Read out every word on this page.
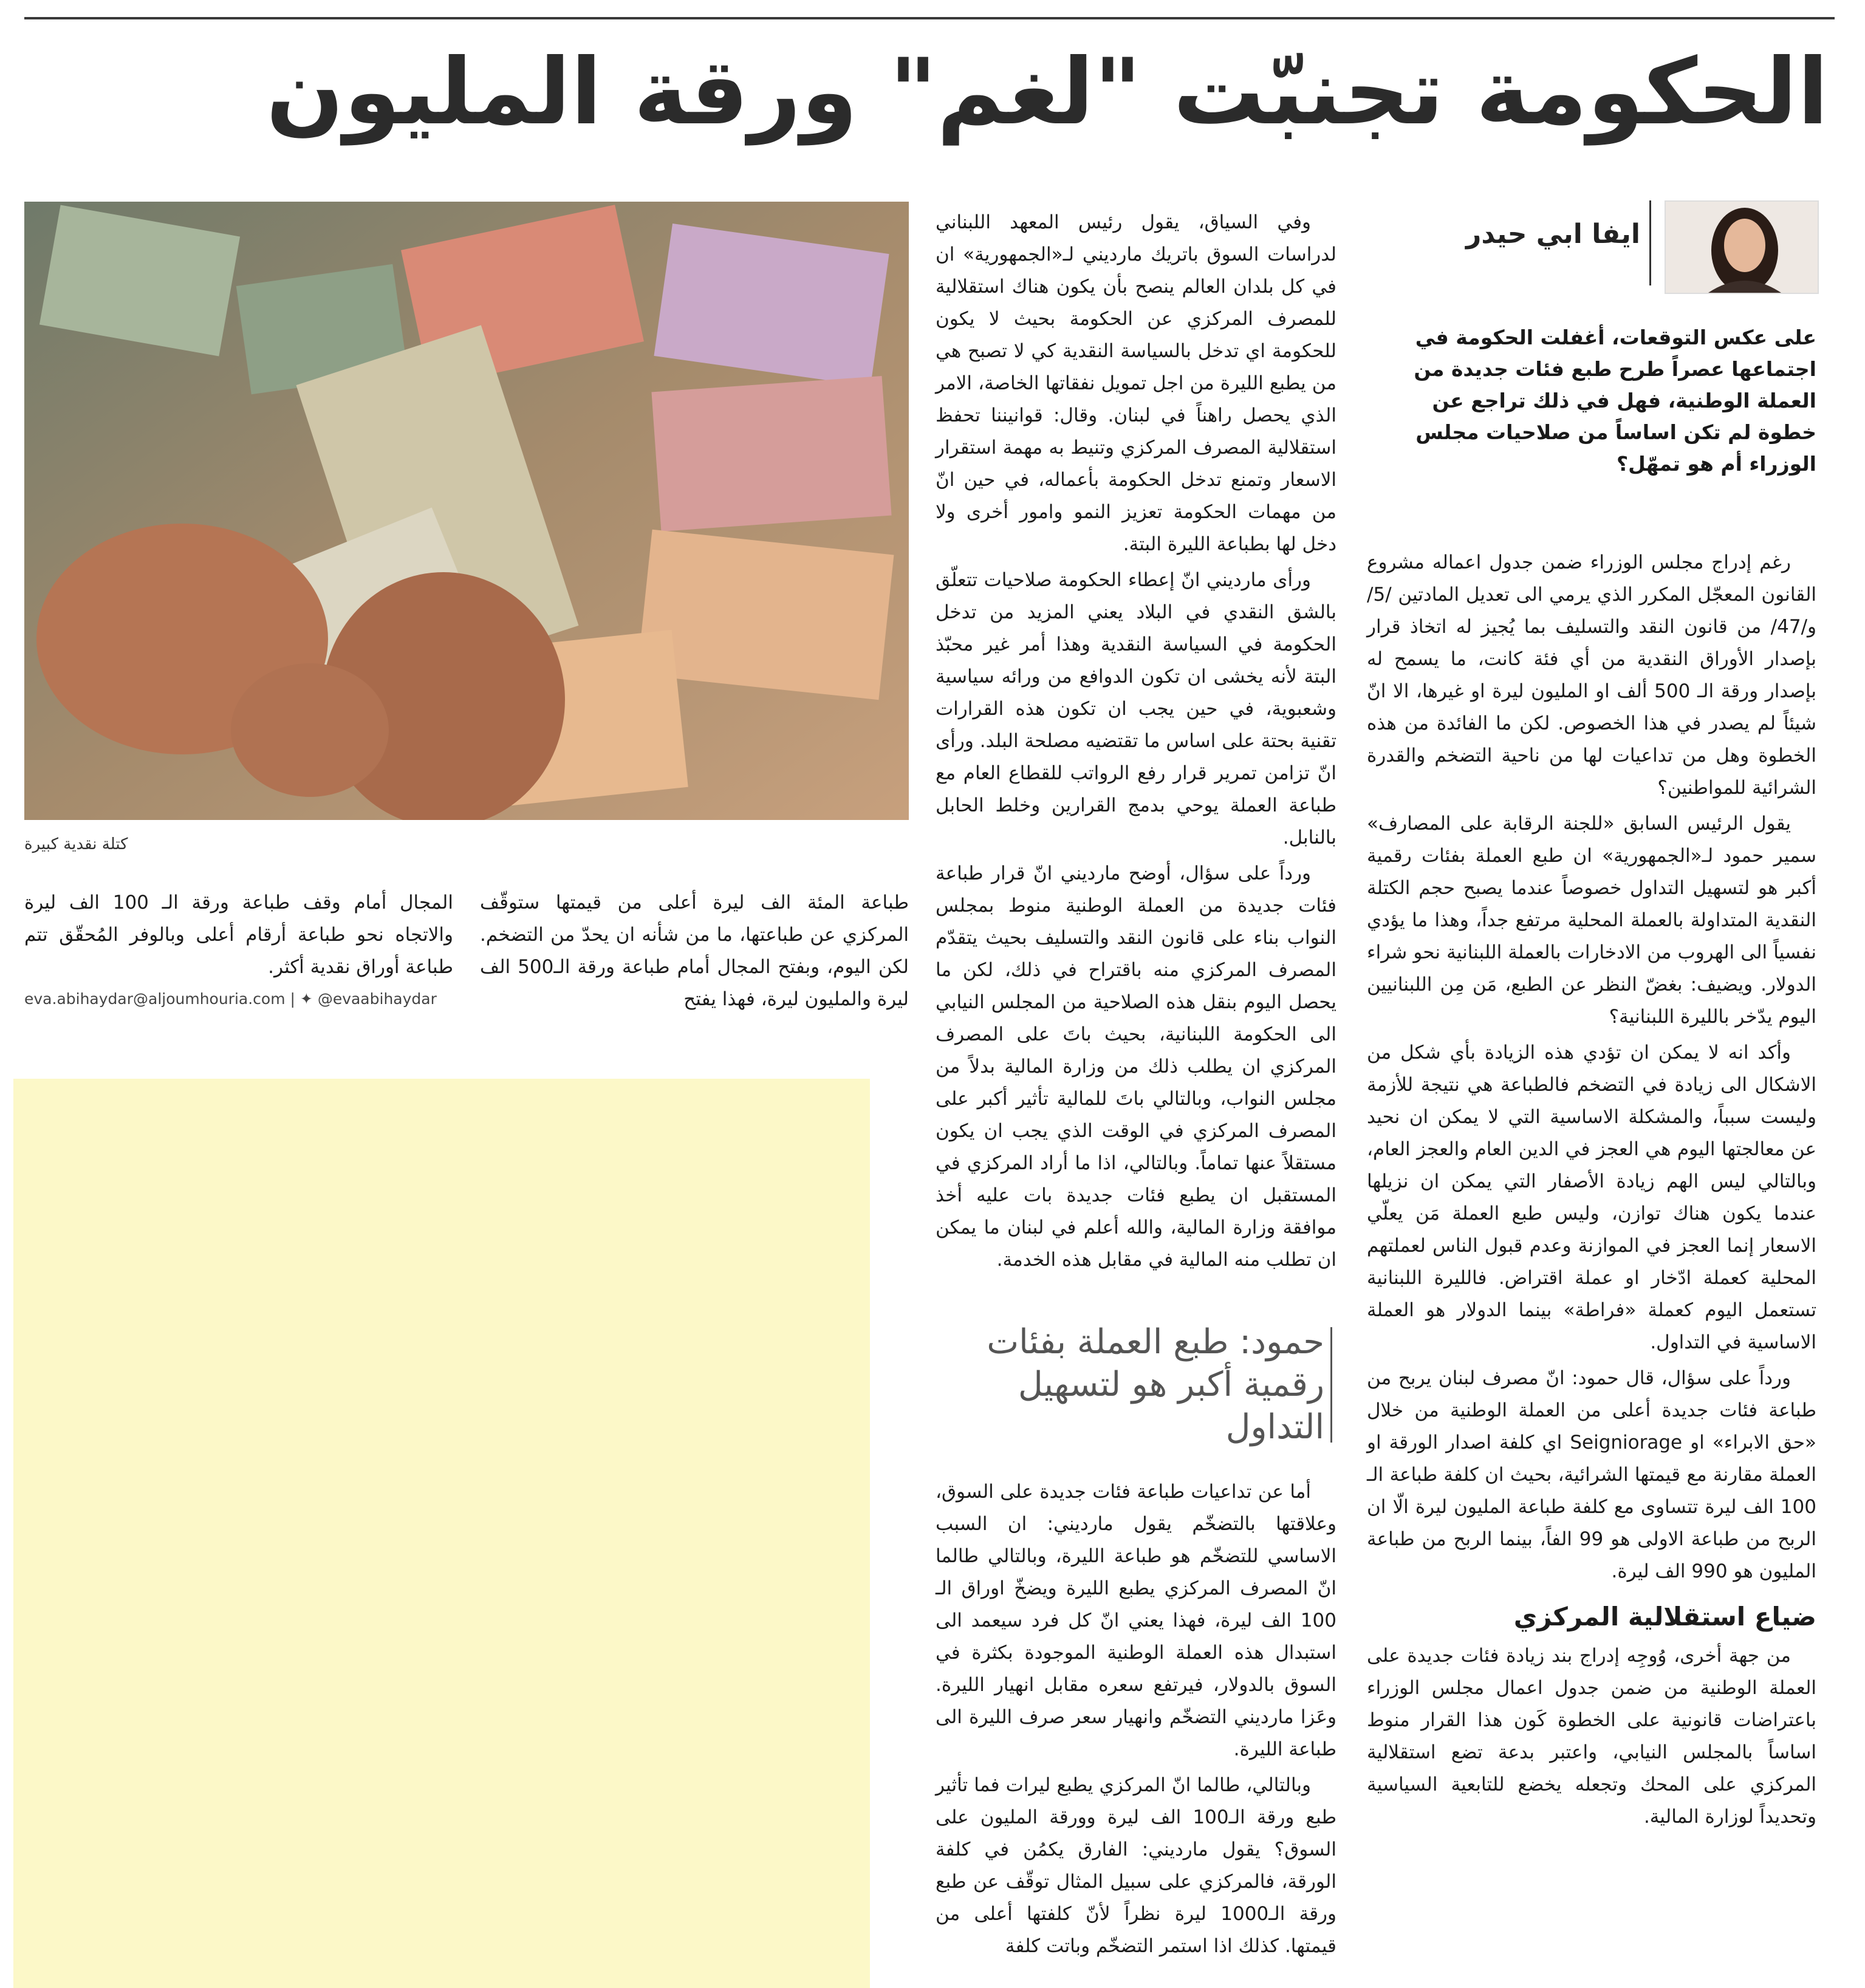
الحكومة تجنبّت "لغم" ورقة المليون
ايفا ابي حيدر
على عكس التوقعات، أغفلت الحكومة في اجتماعها عصراً طرح طبع فئات جديدة من العملة الوطنية، فهل في ذلك تراجع عن خطوة لم تكن اساساً من صلاحيات مجلس الوزراء أم هو تمهّل؟

رغم إدراج مجلس الوزراء ضمن جدول اعماله مشروع القانون المعجّل المكرر الذي يرمي الى تعديل المادتين /5/ و/47/ من قانون النقد والتسليف بما يُجيز له اتخاذ قرار بإصدار الأوراق النقدية من أي فئة كانت، ما يسمح له بإصدار ورقة الـ 500 ألف او المليون ليرة او غيرها، الا انّ شيئاً لم يصدر في هذا الخصوص. لكن ما الفائدة من هذه الخطوة وهل من تداعيات لها من ناحية التضخم والقدرة الشرائية للمواطنين؟

يقول الرئيس السابق «للجنة الرقابة على المصارف» سمير حمود لـ«الجمهورية» ان طبع العملة بفئات رقمية أكبر هو لتسهيل التداول خصوصاً عندما يصبح حجم الكتلة النقدية المتداولة بالعملة المحلية مرتفع جداً، وهذا ما يؤدي نفسياً الى الهروب من الادخارات بالعملة اللبنانية نحو شراء الدولار. ويضيف: بغضّ النظر عن الطبع، مَن مِن اللبنانيين اليوم يدّخر بالليرة اللبنانية؟

وأكد انه لا يمكن ان تؤدي هذه الزيادة بأي شكل من الاشكال الى زيادة في التضخم فالطباعة هي نتيجة للأزمة وليست سبباً، والمشكلة الاساسية التي لا يمكن ان نحيد عن معالجتها اليوم هي العجز في الدين العام والعجز العام، وبالتالي ليس الهم زيادة الأصفار التي يمكن ان نزيلها عندما يكون هناك توازن، وليس طبع العملة مَن يعلّي الاسعار إنما العجز في الموازنة وعدم قبول الناس لعملتهم المحلية كعملة ادّخار او عملة اقتراض. فالليرة اللبنانية تستعمل اليوم كعملة «فراطة» بينما الدولار هو العملة الاساسية في التداول.

ورداً على سؤال، قال حمود: انّ مصرف لبنان يربح من طباعة فئات جديدة أعلى من العملة الوطنية من خلال «حق الابراء» او Seigniorage اي كلفة اصدار الورقة او العملة مقارنة مع قيمتها الشرائية، بحيث ان كلفة طباعة الـ 100 الف ليرة تتساوى مع كلفة طباعة المليون ليرة الّا ان الربح من طباعة الاولى هو 99 الفاً، بينما الربح من طباعة المليون هو 990 الف ليرة.

ضياع استقلالية المركزي

من جهة أخرى، وُوجِه إدراج بند زيادة فئات جديدة على العملة الوطنية من ضمن جدول اعمال مجلس الوزراء باعتراضات قانونية على الخطوة كَون هذا القرار منوط اساساً بالمجلس النيابي، واعتبر بدعة تضع استقلالية المركزي على المحك وتجعله يخضع للتابعية السياسية وتحديداً لوزارة المالية.

وفي السياق، يقول رئيس المعهد اللبناني لدراسات السوق باتريك مارديني لـ«الجمهورية» ان في كل بلدان العالم ينصح بأن يكون هناك استقلالية للمصرف المركزي عن الحكومة بحيث لا يكون للحكومة اي تدخل بالسياسة النقدية كي لا تصبح هي من يطبع الليرة من اجل تمويل نفقاتها الخاصة، الامر الذي يحصل راهناً في لبنان. وقال: قوانيننا تحفظ استقلالية المصرف المركزي وتنيط به مهمة استقرار الاسعار وتمنع تدخل الحكومة بأعماله، في حين انّ من مهمات الحكومة تعزيز النمو وامور أخرى ولا دخل لها بطباعة الليرة البتة.

ورأى مارديني انّ إعطاء الحكومة صلاحيات تتعلّق بالشق النقدي في البلاد يعني المزيد من تدخل الحكومة في السياسة النقدية وهذا أمر غير محبّذ البتة لأنه يخشى ان تكون الدوافع من ورائه سياسية وشعبوية، في حين يجب ان تكون هذه القرارات تقنية بحتة على اساس ما تقتضيه مصلحة البلد. ورأى انّ تزامن تمرير قرار رفع الرواتب للقطاع العام مع طباعة العملة يوحي بدمج القرارين وخلط الحابل بالنابل.

ورداً على سؤال، أوضح مارديني انّ قرار طباعة فئات جديدة من العملة الوطنية منوط بمجلس النواب بناء على قانون النقد والتسليف بحيث يتقدّم المصرف المركزي منه باقتراح في ذلك، لكن ما يحصل اليوم بنقل هذه الصلاحية من المجلس النيابي الى الحكومة اللبنانية، بحيث باتَ على المصرف المركزي ان يطلب ذلك من وزارة المالية بدلاً من مجلس النواب، وبالتالي باتَ للمالية تأثير أكبر على المصرف المركزي في الوقت الذي يجب ان يكون مستقلاً عنها تماماً. وبالتالي، اذا ما أراد المركزي في المستقبل ان يطبع فئات جديدة بات عليه أخذ موافقة وزارة المالية، والله أعلم في لبنان ما يمكن ان تطلب منه المالية في مقابل هذه الخدمة.

حمود: طبع العملة بفئات رقمية أكبر هو لتسهيل التداول

أما عن تداعيات طباعة فئات جديدة على السوق، وعلاقتها بالتضخّم يقول مارديني: ان السبب الاساسي للتضخّم هو طباعة الليرة، وبالتالي طالما انّ المصرف المركزي يطبع الليرة ويضخّ اوراق الـ 100 الف ليرة، فهذا يعني انّ كل فرد سيعمد الى استبدال هذه العملة الوطنية الموجودة بكثرة في السوق بالدولار، فيرتفع سعره مقابل انهيار الليرة. وعَزا مارديني التضخّم وانهيار سعر صرف الليرة الى طباعة الليرة.

وبالتالي، طالما انّ المركزي يطبع ليرات فما تأثير طبع ورقة الـ100 الف ليرة وورقة المليون على السوق؟ يقول مارديني: الفارق يكمُن في كلفة الورقة، فالمركزي على سبيل المثال توقّف عن طبع ورقة الـ1000 ليرة نظراً لأنّ كلفتها أعلى من قيمتها. كذلك اذا استمر التضخّم وباتت كلفة

كتلة نقدية كبيرة

طباعة المئة الف ليرة أعلى من قيمتها ستوقّف المركزي عن طباعتها، ما من شأنه ان يحدّ من التضخم. لكن اليوم، وبفتح المجال أمام طباعة ورقة الـ500 الف ليرة والمليون ليرة، فهذا يفتح

المجال أمام وقف طباعة ورقة الـ 100 الف ليرة والاتجاه نحو طباعة أرقام أعلى وبالوفر المُحقّق تتم طباعة أوراق نقدية أكثر.

eva.abihaydar@aljoumhouria.com | ✦ @evaabihaydar
